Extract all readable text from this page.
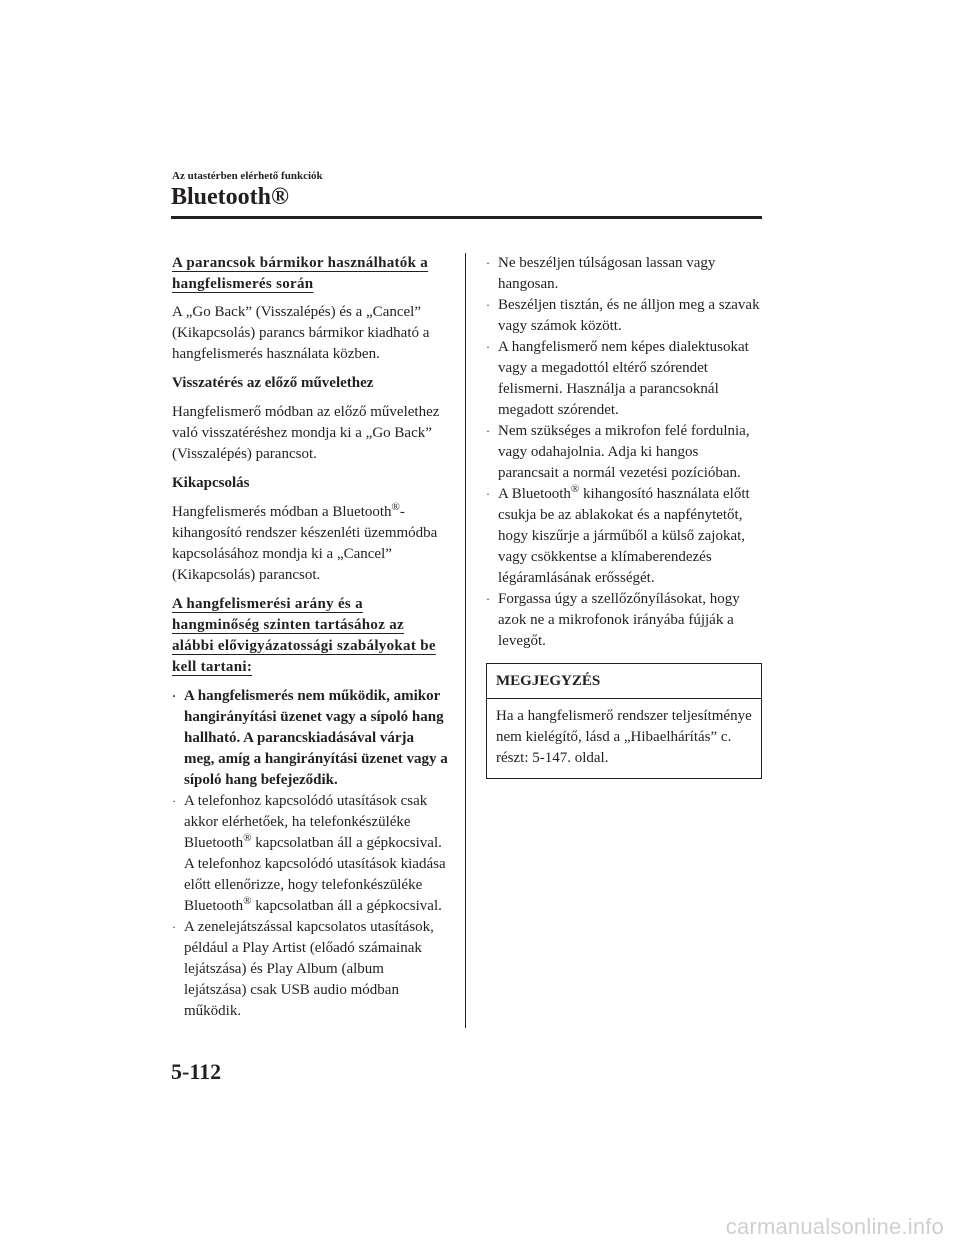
Az utastérben elérhető funkciók
Bluetooth®
A parancsok bármikor használhatók a
hangfelismerés során

A „Go Back” (Visszalépés) és a „Cancel” (Kikapcsolás) parancs bármikor kiadható a hangfelismerés használata közben.

Visszatérés az előző művelethez

Hangfelismerő módban az előző művelethez való visszatéréshez mondja ki a „Go Back” (Visszalépés) parancsot.

Kikapcsolás

Hangfelismerés módban a Bluetooth®-kihangosító rendszer készenléti üzemmódba kapcsolásához mondja ki a „Cancel” (Kikapcsolás) parancsot.

A hangfelismerési arány és a
hangminőség szinten tartásához az
alábbi elővigyázatossági szabályokat be
kell tartani:
· A hangfelismerés nem működik, amikor hangirányítási üzenet vagy a sípoló hang hallható. A parancskiadásával várja meg, amíg a hangirányítási üzenet vagy a sípoló hang befejeződik.
· A telefonhoz kapcsolódó utasítások csak akkor elérhetőek, ha telefonkészüléke Bluetooth® kapcsolatban áll a gépkocsival. A telefonhoz kapcsolódó utasítások kiadása előtt ellenőrizze, hogy telefonkészüléke Bluetooth® kapcsolatban áll a gépkocsival.
· A zenelejátszással kapcsolatos utasítások, például a Play Artist (előadó számainak lejátszása) és Play Album (album lejátszása) csak USB audio módban működik.
· Ne beszéljen túlságosan lassan vagy hangosan.
· Beszéljen tisztán, és ne álljon meg a szavak vagy számok között.
· A hangfelismerő nem képes dialektusokat vagy a megadottól eltérő szórendet felismerni. Használja a parancsoknál megadott szórendet.
· Nem szükséges a mikrofon felé fordulnia, vagy odahajolnia. Adja ki hangos parancsait a normál vezetési pozícióban.
· A Bluetooth® kihangosító használata előtt csukja be az ablakokat és a napfénytetőt, hogy kiszűrje a járműből a külső zajokat, vagy csökkentse a klímaberendezés légáramlásának erősségét.
· Forgassa úgy a szellőzőnyílásokat, hogy azok ne a mikrofonok irányába fújják a levegőt.
MEGJEGYZÉS
Ha a hangfelismerő rendszer teljesítménye nem kielégítő, lásd a „Hibaelhárítás” c. részt: 5-147. oldal.
5-112
carmanualsonline.info
